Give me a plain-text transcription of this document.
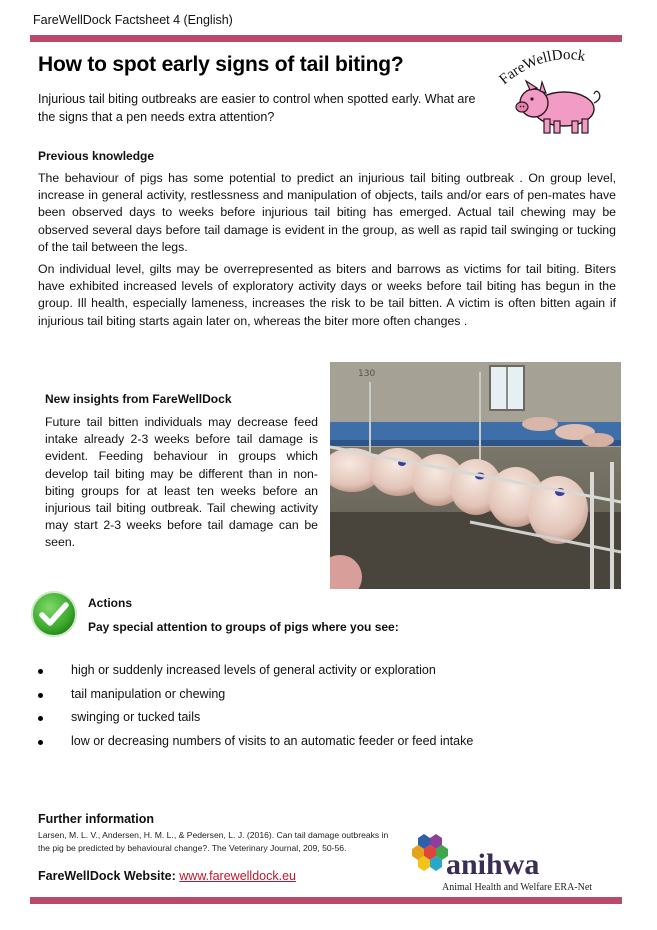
FareWellDock Factsheet 4 (English)
How to spot early signs of tail biting?

Injurious tail biting outbreaks are easier to control when spotted early. What are the signs that a pen needs extra attention?

FareWellDock
Previous knowledge

The behaviour of pigs has some potential to predict an injurious tail biting outbreak . On group level, increase in general activity, restlessness and manipulation of objects, tails and/or ears of pen-mates have been observed days to weeks before injurious tail biting has emerged. Actual tail chewing may be observed several days before tail damage is evident in the group, as well as rapid tail swinging or tucking of the tail between the legs.

On individual level, gilts may be overrepresented as biters and barrows as victims for tail biting. Biters have exhibited increased levels of exploratory activity days or weeks before tail biting has begun in the group. Ill health, especially lameness, increases the risk to be tail bitten. A victim is often bitten again if injurious tail biting starts again later on, whereas the biter more often changes .

New insights from FareWellDock

Future tail bitten individuals may decrease feed intake already 2-3 weeks before tail damage is evident. Feeding behaviour in groups which develop tail biting may be different than in non-biting groups for at least ten weeks before an injurious tail biting outbreak. Tail chewing activity may start 2-3 weeks before tail damage can be seen.

130
Actions
Pay special attention to groups of pigs where you see:
high or suddenly increased levels of general activity or exploration
tail manipulation or chewing
swinging or tucked tails
low or decreasing numbers of visits to an automatic feeder or feed intake
Further information

Larsen, M. L. V., Andersen, H. M. L., & Pedersen, L. J. (2016). Can tail damage outbreaks in the pig be predicted by behavioural change?. The Veterinary Journal, 209, 50-56.

FareWellDock Website: www.farewelldock.eu	anihwa
Animal Health and Welfare ERA-Net
